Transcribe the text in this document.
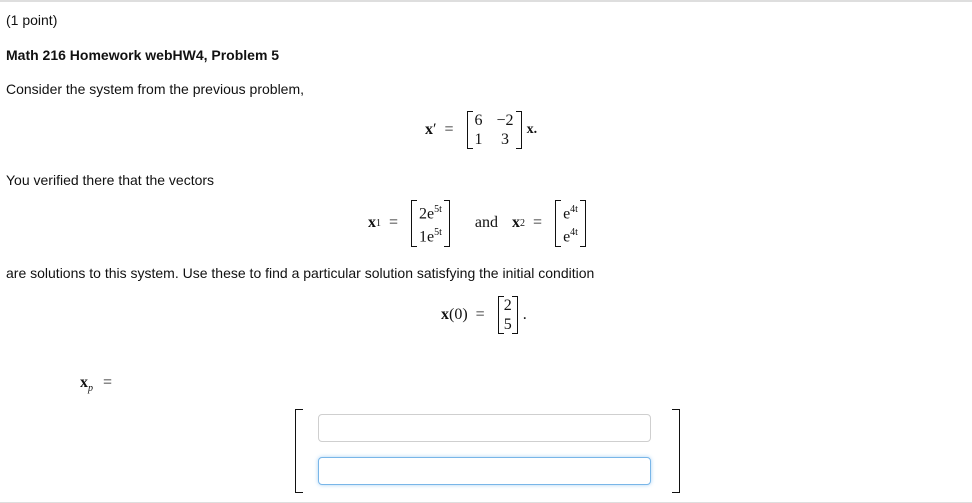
(1 point)
Math 216 Homework webHW4, Problem 5
Consider the system from the previous problem,
x ′ =
6 −2
1 3
x.
You verified there that the vectors
x 1 =
$2e^{5t}$
$1e^{5t}$
and x 2 =
$e^{4t}$
$e^{4t}$
are solutions to this system. Use these to find a particular solution satisfying the initial condition
x (0) =
2
5
.
$x_p$ =
